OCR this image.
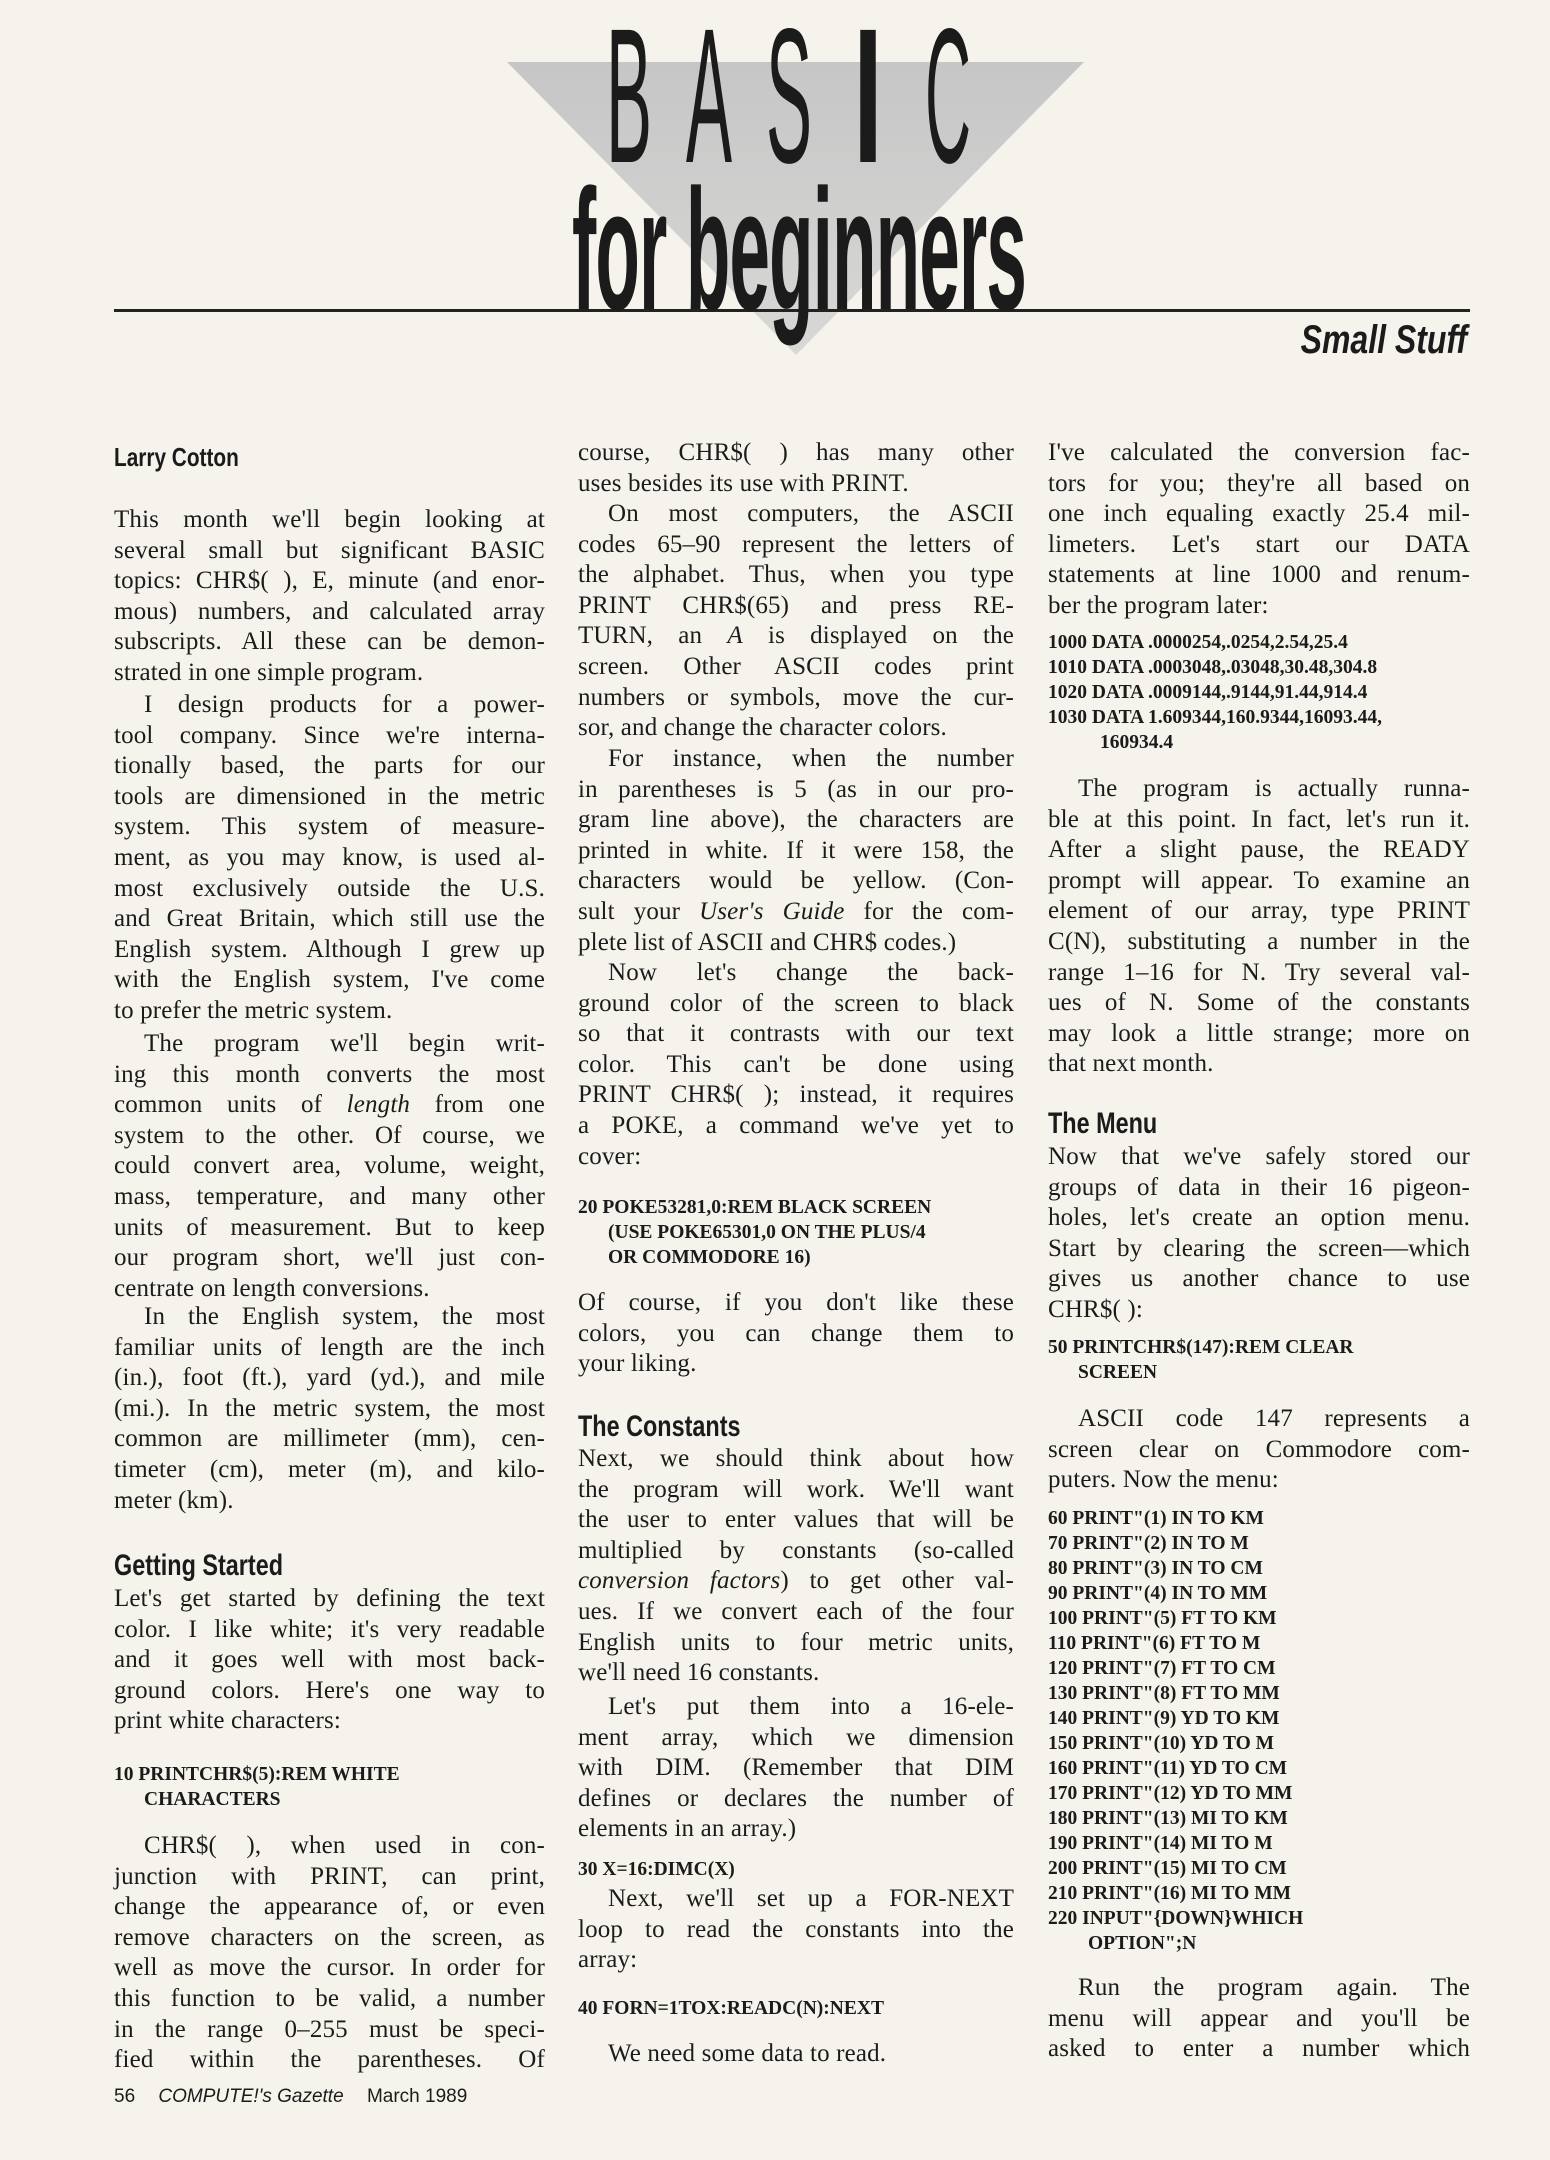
B A S I C
for beginners	Small Stuff
Larry Cotton
This month we'll begin looking at
several small but significant BASIC
topics: CHR$( ), E, minute (and enor-
mous) numbers, and calculated array
subscripts. All these can be demon-
strated in one simple program.
I design products for a power-
tool company. Since we're interna-
tionally based, the parts for our
tools are dimensioned in the metric
system. This system of measure-
ment, as you may know, is used al-
most exclusively outside the U.S.
and Great Britain, which still use the
English system. Although I grew up
with the English system, I've come
to prefer the metric system.
The program we'll begin writ-
ing this month converts the most
common units of length from one
system to the other. Of course, we
could convert area, volume, weight,
mass, temperature, and many other
units of measurement. But to keep
our program short, we'll just con-
centrate on length conversions.
In the English system, the most
familiar units of length are the inch
(in.), foot (ft.), yard (yd.), and mile
(mi.). In the metric system, the most
common are millimeter (mm), cen-
timeter (cm), meter (m), and kilo-
meter (km).
Getting Started
Let's get started by defining the text
color. I like white; it's very readable
and it goes well with most back-
ground colors. Here's one way to
print white characters:
10 PRINTCHR$(5):REM WHITE
CHARACTERS
CHR$( ), when used in con-
junction with PRINT, can print,
change the appearance of, or even
remove characters on the screen, as
well as move the cursor. In order for
this function to be valid, a number
in the range 0–255 must be speci-
fied within the parentheses. Of
course, CHR$( ) has many other
uses besides its use with PRINT.
On most computers, the ASCII
codes 65–90 represent the letters of
the alphabet. Thus, when you type
PRINT CHR$(65) and press RE-
TURN, an A is displayed on the
screen. Other ASCII codes print
numbers or symbols, move the cur-
sor, and change the character colors.
For instance, when the number
in parentheses is 5 (as in our pro-
gram line above), the characters are
printed in white. If it were 158, the
characters would be yellow. (Con-
sult your User's Guide for the com-
plete list of ASCII and CHR$ codes.)
Now let's change the back-
ground color of the screen to black
so that it contrasts with our text
color. This can't be done using
PRINT CHR$( ); instead, it requires
a POKE, a command we've yet to
cover:
20 POKE53281,0:REM BLACK SCREEN
(USE POKE65301,0 ON THE PLUS/4
OR COMMODORE 16)
Of course, if you don't like these
colors, you can change them to
your liking.
The Constants
Next, we should think about how
the program will work. We'll want
the user to enter values that will be
multiplied by constants (so-called
conversion factors) to get other val-
ues. If we convert each of the four
English units to four metric units,
we'll need 16 constants.
Let's put them into a 16-ele-
ment array, which we dimension
with DIM. (Remember that DIM
defines or declares the number of
elements in an array.)
30 X=16:DIMC(X)
Next, we'll set up a FOR-NEXT
loop to read the constants into the
array:
40 FORN=1TOX:READC(N):NEXT
We need some data to read.
I've calculated the conversion fac-
tors for you; they're all based on
one inch equaling exactly 25.4 mil-
limeters. Let's start our DATA
statements at line 1000 and renum-
ber the program later:
1000 DATA .0000254,.0254,2.54,25.4
1010 DATA .0003048,.03048,30.48,304.8
1020 DATA .0009144,.9144,91.44,914.4
1030 DATA 1.609344,160.9344,16093.44,
160934.4
The program is actually runna-
ble at this point. In fact, let's run it.
After a slight pause, the READY
prompt will appear. To examine an
element of our array, type PRINT
C(N), substituting a number in the
range 1–16 for N. Try several val-
ues of N. Some of the constants
may look a little strange; more on
that next month.
The Menu
Now that we've safely stored our
groups of data in their 16 pigeon-
holes, let's create an option menu.
Start by clearing the screen—which
gives us another chance to use
CHR$( ):
50 PRINTCHR$(147):REM CLEAR
SCREEN
ASCII code 147 represents a
screen clear on Commodore com-
puters. Now the menu:
60 PRINT"(1) IN TO KM
70 PRINT"(2) IN TO M
80 PRINT"(3) IN TO CM
90 PRINT"(4) IN TO MM
100 PRINT"(5) FT TO KM
110 PRINT"(6) FT TO M
120 PRINT"(7) FT TO CM
130 PRINT"(8) FT TO MM
140 PRINT"(9) YD TO KM
150 PRINT"(10) YD TO M
160 PRINT"(11) YD TO CM
170 PRINT"(12) YD TO MM
180 PRINT"(13) MI TO KM
190 PRINT"(14) MI TO M
200 PRINT"(15) MI TO CM
210 PRINT"(16) MI TO MM
220 INPUT"{DOWN}WHICH
OPTION";N
Run the program again. The
menu will appear and you'll be
asked to enter a number which
56 COMPUTE!'s Gazette March 1989
